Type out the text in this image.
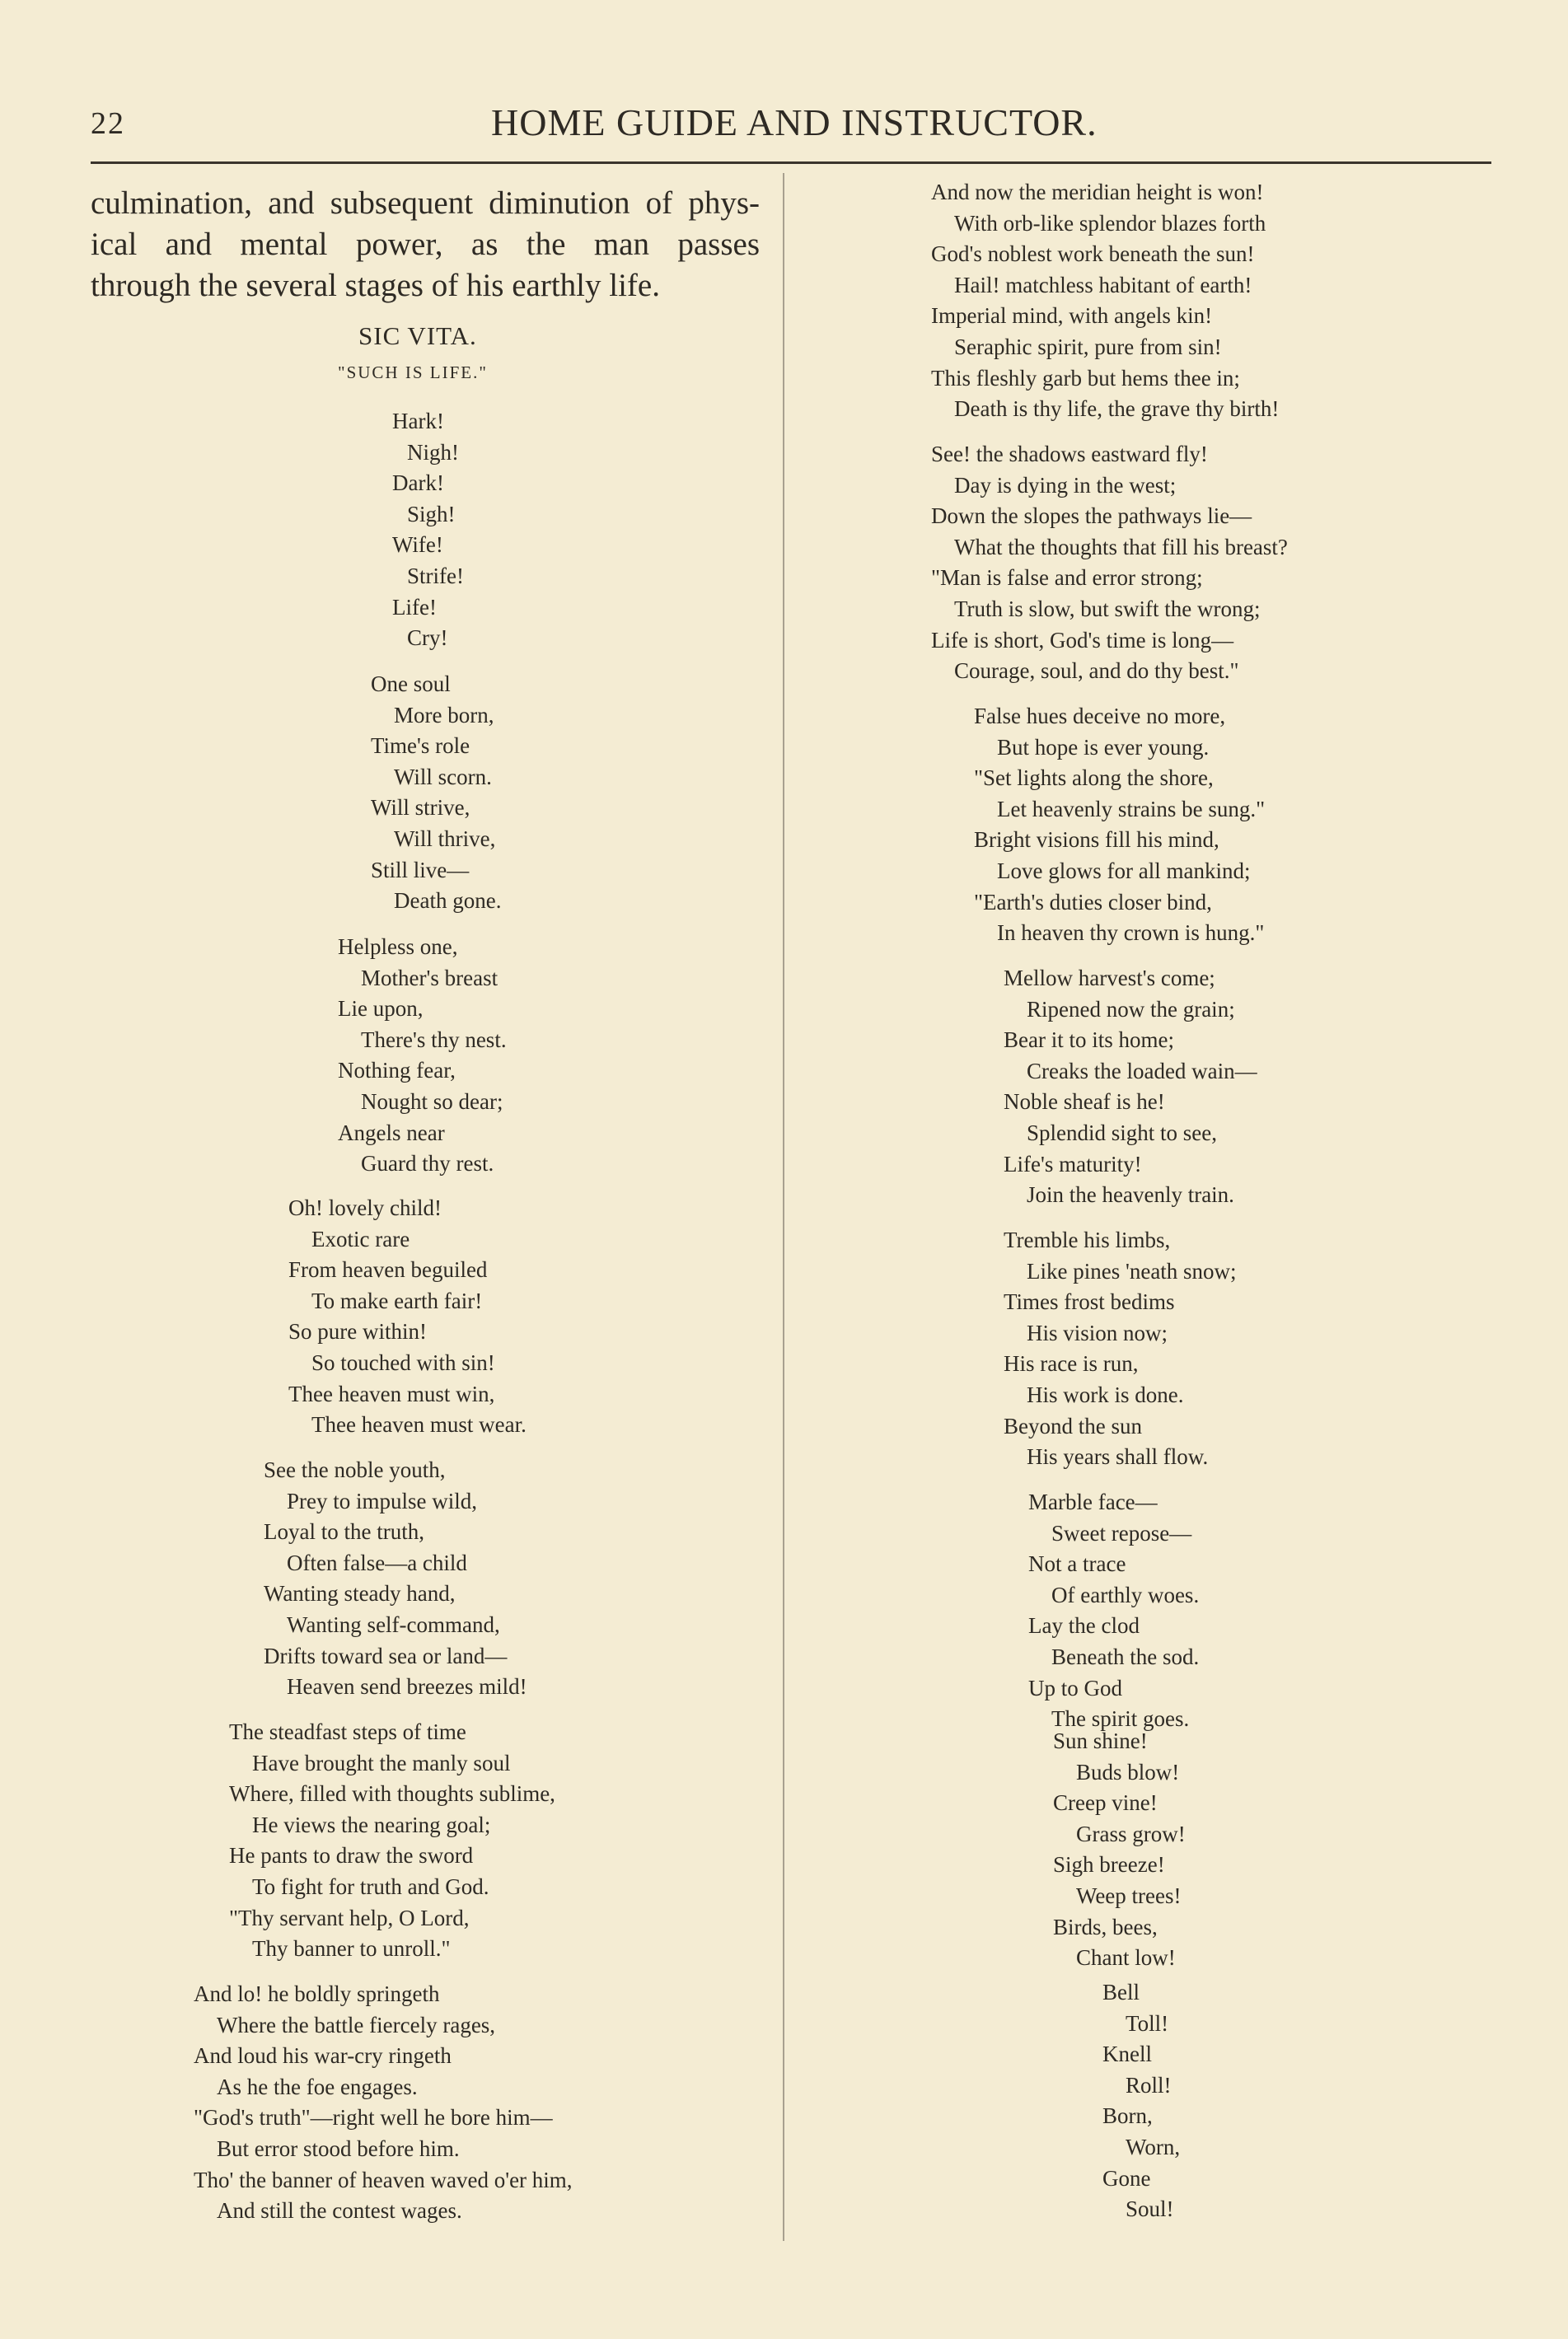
22	HOME GUIDE AND INSTRUCTOR.

culmination, and subsequent diminution of phys-

ical and mental power, as the man passes

through the several stages of his earthly life.

SIC VITA.
"SUCH IS LIFE."
Hark!
Nigh!
Dark!
Sigh!
Wife!
Strife!
Life!
Cry!
One soul
More born,
Time's role
Will scorn.
Will strive,
Will thrive,
Still live—
Death gone.
Helpless one,
Mother's breast
Lie upon,
There's thy nest.
Nothing fear,
Nought so dear;
Angels near
Guard thy rest.
Oh! lovely child!
Exotic rare
From heaven beguiled
To make earth fair!
So pure within!
So touched with sin!
Thee heaven must win,
Thee heaven must wear.
See the noble youth,
Prey to impulse wild,
Loyal to the truth,
Often false—a child
Wanting steady hand,
Wanting self-command,
Drifts toward sea or land—
Heaven send breezes mild!
The steadfast steps of time
Have brought the manly soul
Where, filled with thoughts sublime,
He views the nearing goal;
He pants to draw the sword
To fight for truth and God.
"Thy servant help, O Lord,
Thy banner to unroll."
And lo! he boldly springeth
Where the battle fiercely rages,
And loud his war-cry ringeth
As he the foe engages.
"God's truth"—right well he bore him—
But error stood before him.
Tho' the banner of heaven waved o'er him,
And still the contest wages.
And now the meridian height is won!
With orb-like splendor blazes forth
God's noblest work beneath the sun!
Hail! matchless habitant of earth!
Imperial mind, with angels kin!
Seraphic spirit, pure from sin!
This fleshly garb but hems thee in;
Death is thy life, the grave thy birth!
See! the shadows eastward fly!
Day is dying in the west;
Down the slopes the pathways lie—
What the thoughts that fill his breast?
"Man is false and error strong;
Truth is slow, but swift the wrong;
Life is short, God's time is long—
Courage, soul, and do thy best."
False hues deceive no more,
But hope is ever young.
"Set lights along the shore,
Let heavenly strains be sung."
Bright visions fill his mind,
Love glows for all mankind;
"Earth's duties closer bind,
In heaven thy crown is hung."
Mellow harvest's come;
Ripened now the grain;
Bear it to its home;
Creaks the loaded wain—
Noble sheaf is he!
Splendid sight to see,
Life's maturity!
Join the heavenly train.
Tremble his limbs,
Like pines 'neath snow;
Times frost bedims
His vision now;
His race is run,
His work is done.
Beyond the sun
His years shall flow.
Marble face—
Sweet repose—
Not a trace
Of earthly woes.
Lay the clod
Beneath the sod.
Up to God
The spirit goes.
Sun shine!
Buds blow!
Creep vine!
Grass grow!
Sigh breeze!
Weep trees!
Birds, bees,
Chant low!
Bell
Toll!
Knell
Roll!
Born,
Worn,
Gone
Soul!
